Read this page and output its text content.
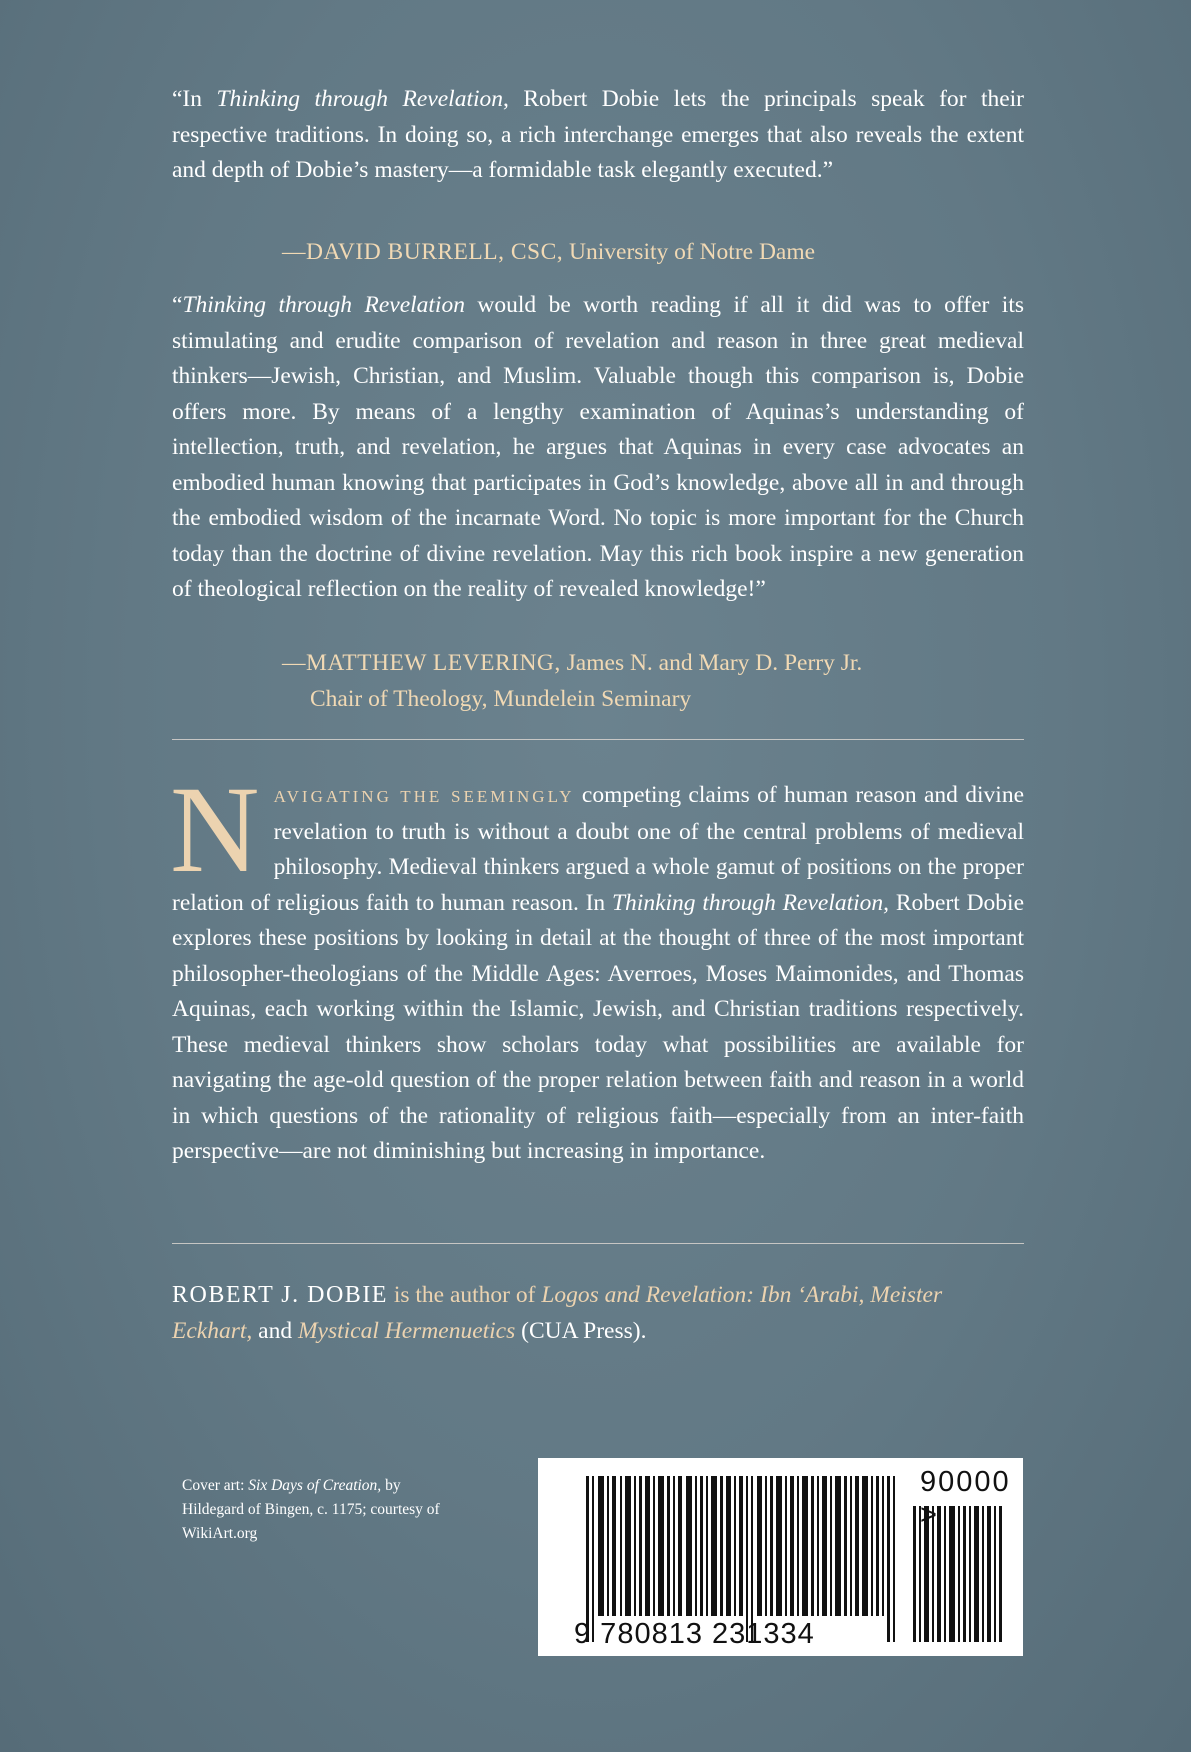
“In Thinking through Revelation, Robert Dobie lets the principals speak for their respective traditions. In doing so, a rich interchange emerges that also reveals the extent and depth of Dobie’s mastery—a formidable task elegantly executed.”

—DAVID BURRELL, CSC, University of Notre Dame

“Thinking through Revelation would be worth reading if all it did was to offer its stimulating and erudite comparison of revelation and reason in three great medieval thinkers—Jewish, Christian, and Muslim. Valuable though this comparison is, Dobie offers more. By means of a lengthy examination of Aquinas’s understanding of intellection, truth, and revelation, he argues that Aquinas in every case advocates an embodied human knowing that participates in God’s knowledge, above all in and through the embodied wisdom of the incarnate Word. No topic is more important for the Church today than the doctrine of divine revelation. May this rich book inspire a new generation of theological reflection on the reality of revealed knowledge!”

—MATTHEW LEVERING, James N. and Mary D. Perry Jr.
Chair of Theology, Mundelein Seminary
NAVIGATING THE SEEMINGLY competing claims of human reason and divine revelation to truth is without a doubt one of the central problems of medieval philosophy. Medieval thinkers argued a whole gamut of positions on the proper relation of religious faith to human reason. In Thinking through Revelation, Robert Dobie explores these positions by looking in detail at the thought of three of the most important philosopher-theologians of the Middle Ages: Averroes, Moses Maimonides, and Thomas Aquinas, each working within the Islamic, Jewish, and Christian traditions respectively. These medieval thinkers show scholars today what possibilities are available for navigating the age-old question of the proper relation between faith and reason in a world in which questions of the rationality of religious faith—especially from an inter-faith perspective—are not diminishing but increasing in importance.
ROBERT J. DOBIE is the author of Logos and Revelation: Ibn ‘Arabi, Meister Eckhart, and Mystical Hermenuetics (CUA Press).
Cover art: Six Days of Creation, by Hildegard of Bingen, c. 1175; courtesy of WikiArt.org
9 780813 231334
90000 >
